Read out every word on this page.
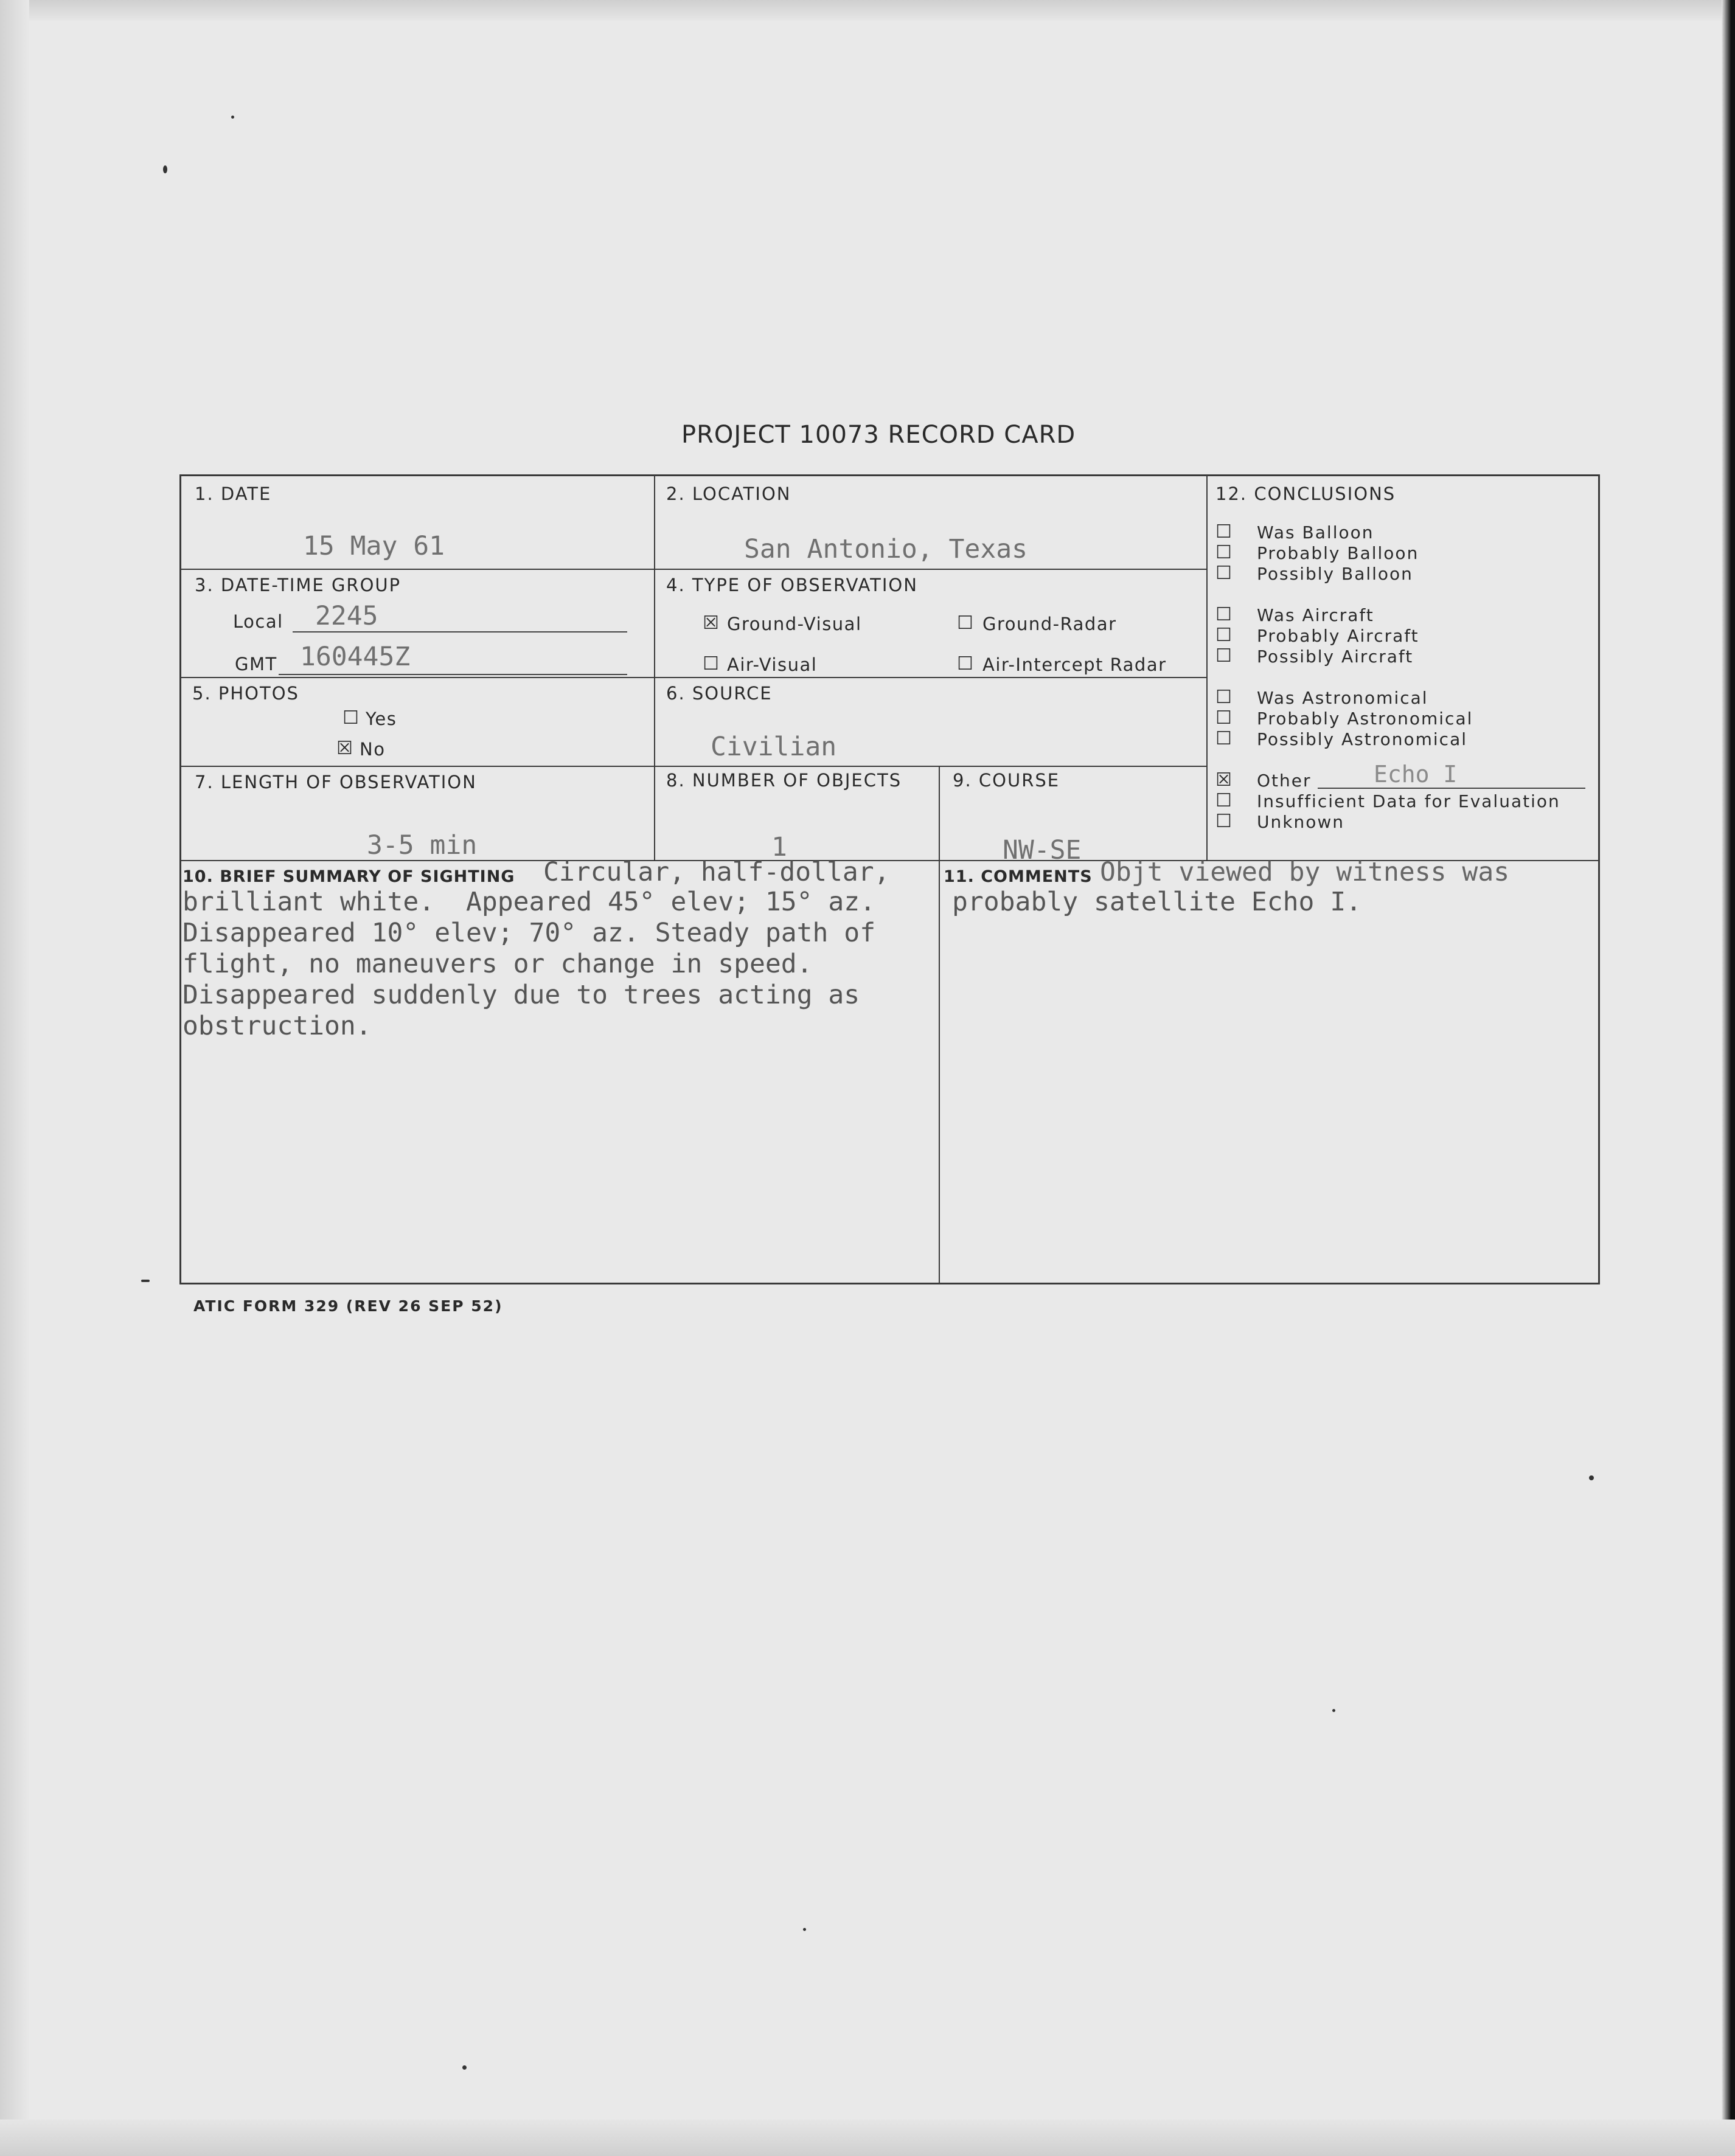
PROJECT 10073 RECORD CARD
1. DATE
15 May 61
2. LOCATION
San Antonio, Texas
3. DATE-TIME GROUP
Local 2245
GMT 160445Z
4. TYPE OF OBSERVATION
☒ Ground-Visual	☐ Ground-Radar
☐ Air-Visual	☐ Air-Intercept Radar
5. PHOTOS
☐ Yes
☒ No
6. SOURCE
Civilian
7. LENGTH OF OBSERVATION
3-5 min
8. NUMBER OF OBJECTS
1
9. COURSE
NW-SE
10. BRIEF SUMMARY OF SIGHTING Circular, half-dollar,
brilliant white.  Appeared 45° elev; 15° az.
Disappeared 10° elev; 70° az. Steady path of
flight, no maneuvers or change in speed.
Disappeared suddenly due to trees acting as
obstruction.
11. COMMENTS Objt viewed by witness was
probably satellite Echo I.
12. CONCLUSIONS
☐ Was Balloon
☐ Probably Balloon
☐ Possibly Balloon
☐ Was Aircraft
☐ Probably Aircraft
☐ Possibly Aircraft
☐ Was Astronomical
☐ Probably Astronomical
☐ Possibly Astronomical
☒ Other	Echo I
☐ Insufficient Data for Evaluation
☐ Unknown
ATIC FORM 329 (REV 26 SEP 52)
